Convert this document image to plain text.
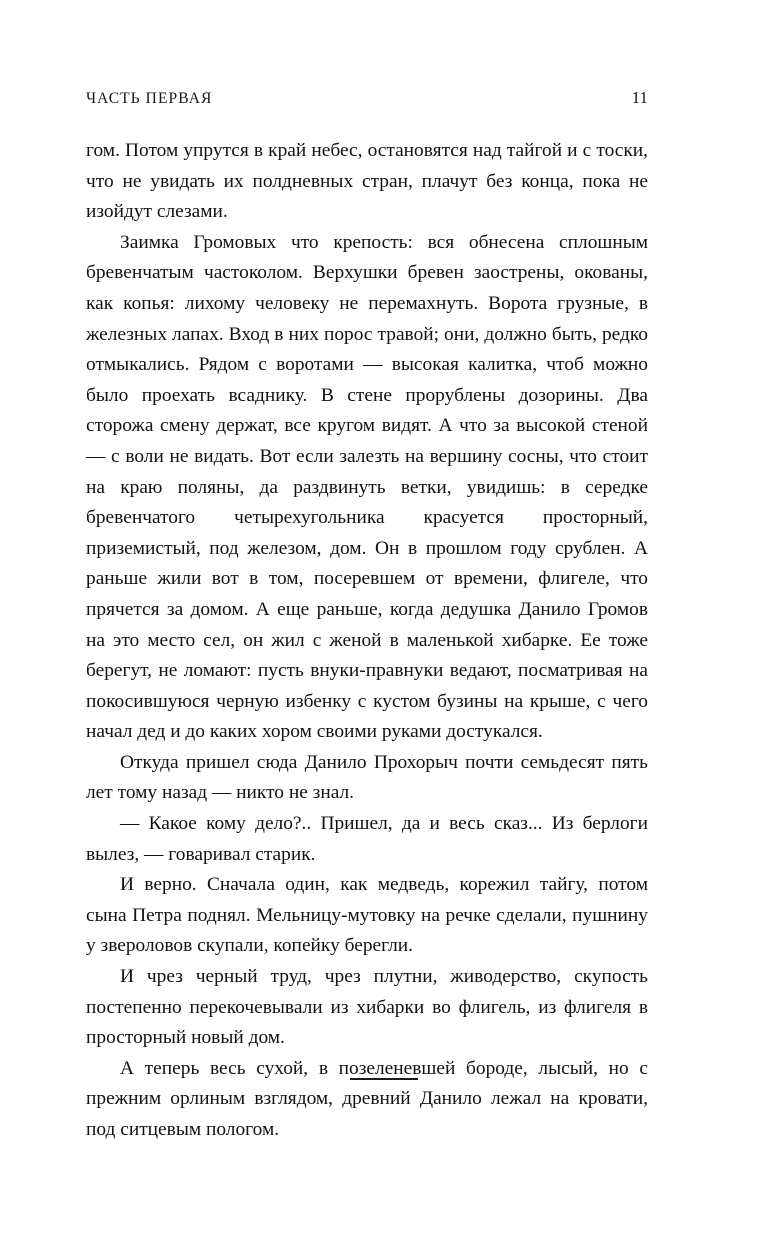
ЧАСТЬ ПЕРВАЯ	11

гом. Потом упрутся в край небес, остановятся над тайгой и с тоски, что не увидать их полдневных стран, плачут без конца, пока не изойдут слезами.

Заимка Громовых что крепость: вся обнесена сплошным бревенчатым частоколом. Верхушки бревен заострены, окованы, как копья: лихому человеку не перемахнуть. Ворота грузные, в железных лапах. Вход в них порос травой; они, должно быть, редко отмыкались. Рядом с воротами — высокая калитка, чтоб можно было проехать всаднику. В стене прорублены дозорины. Два сторожа смену держат, все кругом видят. А что за высокой стеной — с воли не видать. Вот если залезть на вершину сосны, что стоит на краю поляны, да раздвинуть ветки, увидишь: в середке бревенчатого четырехугольника красуется просторный, приземистый, под железом, дом. Он в прошлом году срублен. А раньше жили вот в том, посеревшем от времени, флигеле, что прячется за домом. А еще раньше, когда дедушка Данило Громов на это место сел, он жил с женой в маленькой хибарке. Ее тоже берегут, не ломают: пусть внуки-правнуки ведают, посматривая на покосившуюся черную избенку с кустом бузины на крыше, с чего начал дед и до каких хором своими руками достукался.

Откуда пришел сюда Данило Прохорыч почти семьдесят пять лет тому назад — никто не знал.

— Какое кому дело?.. Пришел, да и весь сказ... Из берлоги вылез, — говаривал старик.

И верно. Сначала один, как медведь, корежил тайгу, потом сына Петра поднял. Мельницу-мутовку на речке сделали, пушнину у звероловов скупали, копейку берегли.

И чрез черный труд, чрез плутни, живодерство, скупость постепенно перекочевывали из хибарки во флигель, из флигеля в просторный новый дом.

А теперь весь сухой, в позеленевшей бороде, лысый, но с прежним орлиным взглядом, древний Данило лежал на кровати, под ситцевым пологом.
